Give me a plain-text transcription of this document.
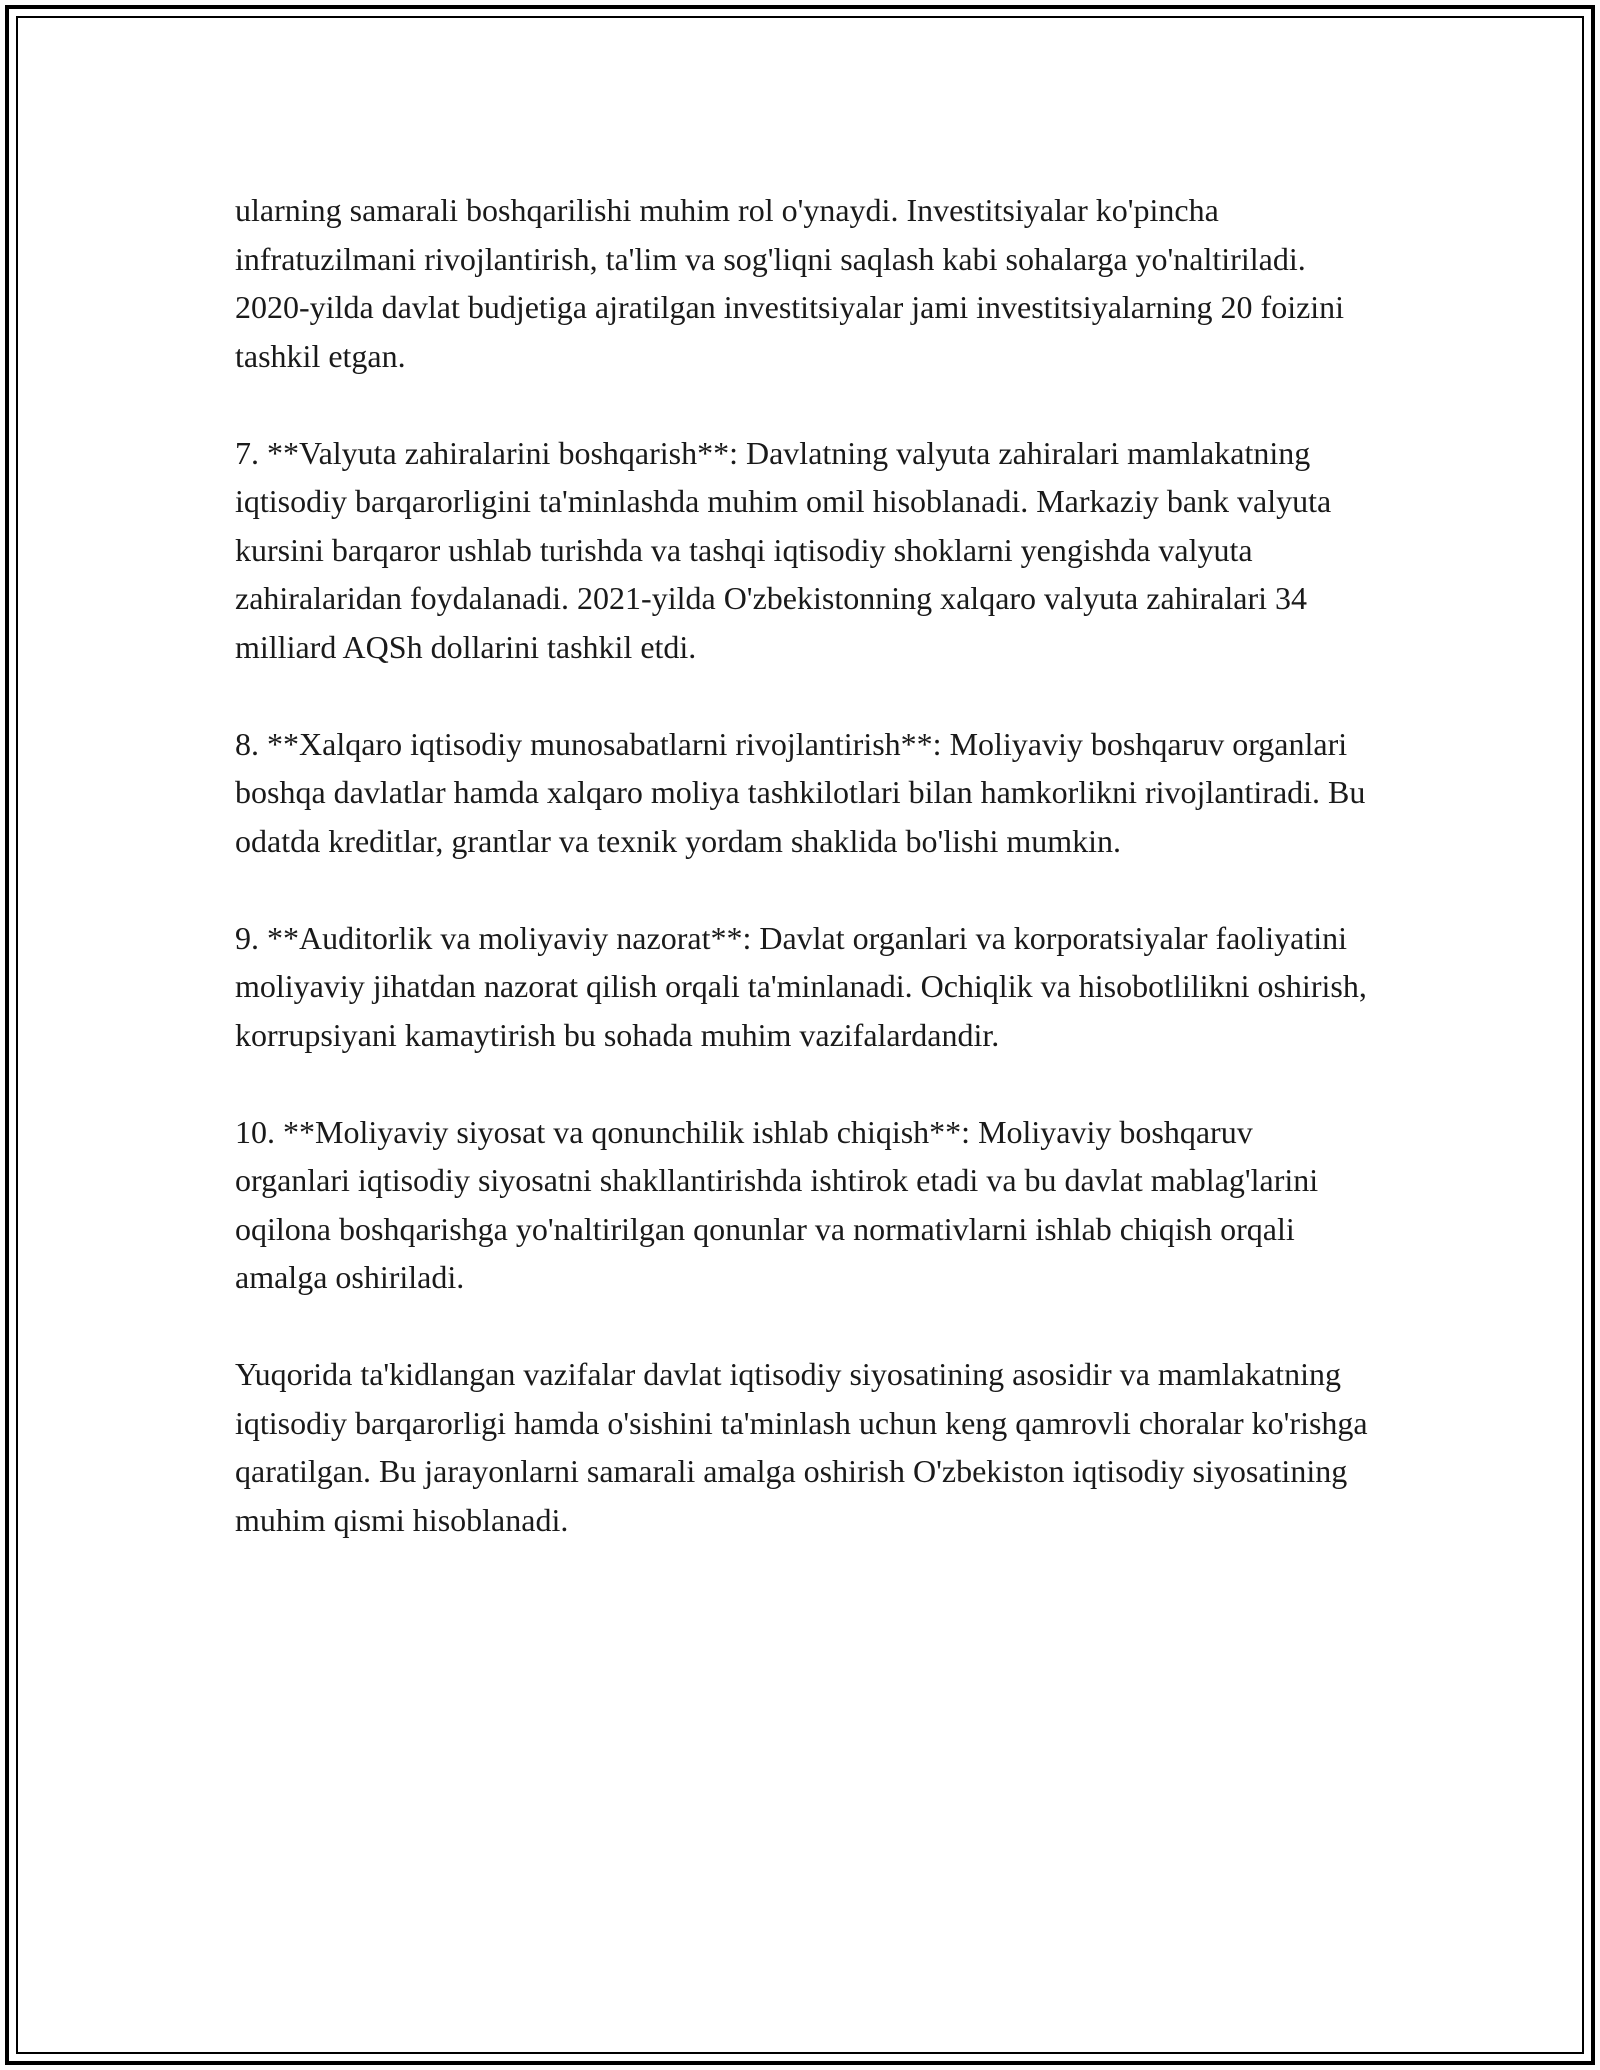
ularning samarali boshqarilishi muhim rol o'ynaydi. Investitsiyalar ko'pincha infratuzilmani rivojlantirish, ta'lim va sog'liqni saqlash kabi sohalarga yo'naltiriladi. 2020-yilda davlat budjetiga ajratilgan investitsiyalar jami investitsiyalarning 20 foizini tashkil etgan.

7. **Valyuta zahiralarini boshqarish**: Davlatning valyuta zahiralari mamlakatning iqtisodiy barqarorligini ta'minlashda muhim omil hisoblanadi. Markaziy bank valyuta kursini barqaror ushlab turishda va tashqi iqtisodiy shoklarni yengishda valyuta zahiralaridan foydalanadi. 2021-yilda O'zbekistonning xalqaro valyuta zahiralari 34 milliard AQSh dollarini tashkil etdi.

8. **Xalqaro iqtisodiy munosabatlarni rivojlantirish**: Moliyaviy boshqaruv organlari boshqa davlatlar hamda xalqaro moliya tashkilotlari bilan hamkorlikni rivojlantiradi. Bu odatda kreditlar, grantlar va texnik yordam shaklida bo'lishi mumkin.

9. **Auditorlik va moliyaviy nazorat**: Davlat organlari va korporatsiyalar faoliyatini moliyaviy jihatdan nazorat qilish orqali ta'minlanadi. Ochiqlik va hisobotlilikni oshirish, korrupsiyani kamaytirish bu sohada muhim vazifalardandir.

10. **Moliyaviy siyosat va qonunchilik ishlab chiqish**: Moliyaviy boshqaruv organlari iqtisodiy siyosatni shakllantirishda ishtirok etadi va bu davlat mablag'larini oqilona boshqarishga yo'naltirilgan qonunlar va normativlarni ishlab chiqish orqali amalga oshiriladi.

Yuqorida ta'kidlangan vazifalar davlat iqtisodiy siyosatining asosidir va mamlakatning iqtisodiy barqarorligi hamda o'sishini ta'minlash uchun keng qamrovli choralar ko'rishga qaratilgan. Bu jarayonlarni samarali amalga oshirish O'zbekiston iqtisodiy siyosatining muhim qismi hisoblanadi.
